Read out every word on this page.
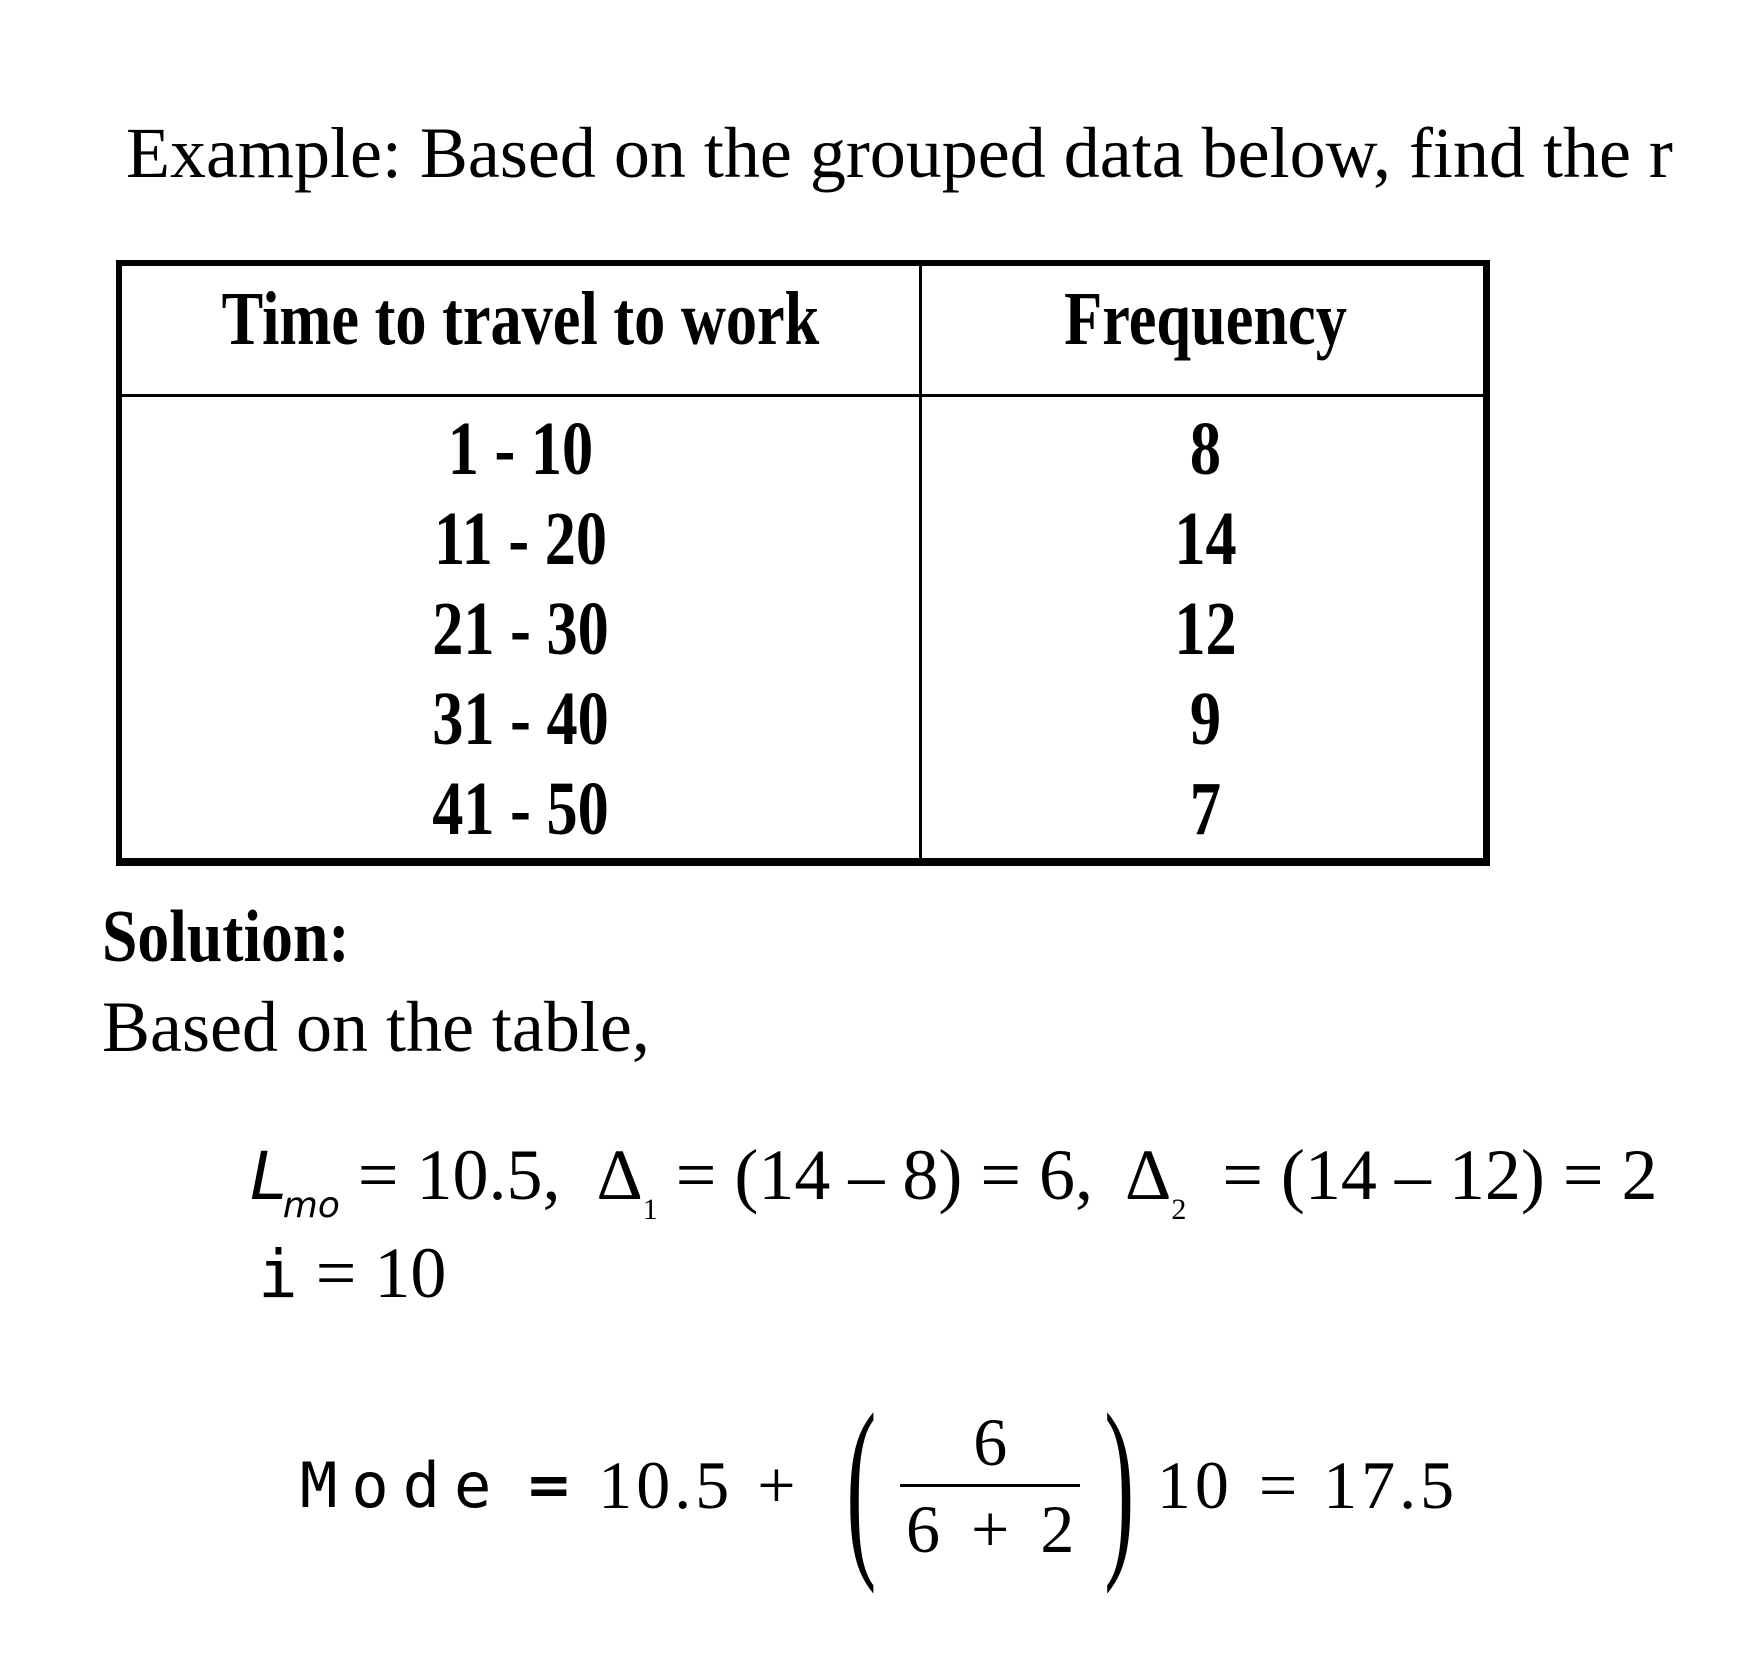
Example: Based on the grouped data below, find the r
Time to travel to work	Frequency
1 - 10
11 - 20
21 - 30
31 - 40
41 - 50
8
14
12
9
7
Solution:
Based on the table,
$L_{mo} = 10.5$,  $\Delta_1 = (14 - 8) = 6$,  $\Delta_2 = (14 - 12) = 2$
i = 10
Mode = 10.5 + ( $\frac{6}{6 + 2}$ ) 10 = 17.5
